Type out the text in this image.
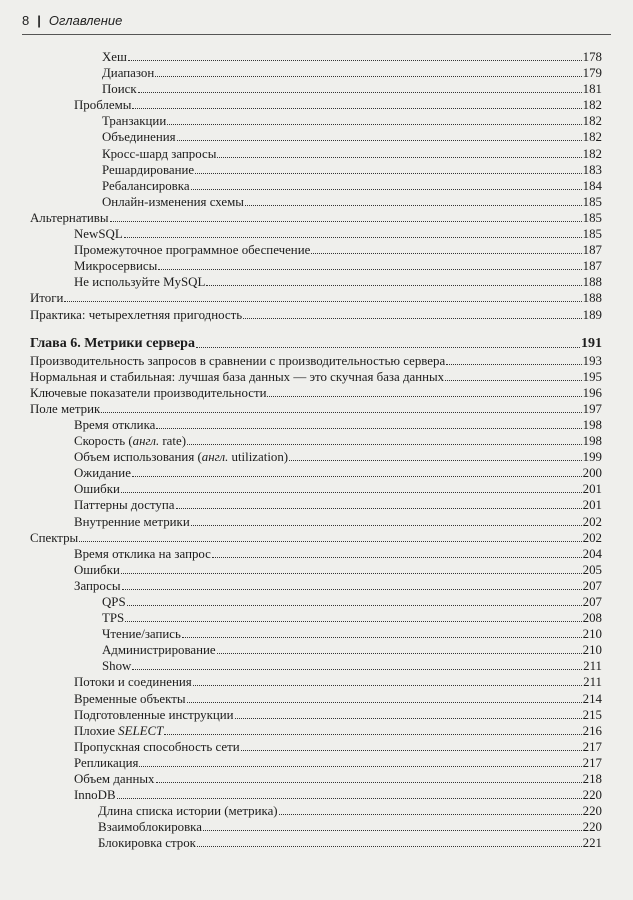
8 | Оглавление
Хеш	178
Диапазон	179
Поиск	181
Проблемы	182
Транзакции	182
Объединения	182
Кросс-шард запросы	182
Решардирование	183
Ребалансировка	184
Онлайн-изменения схемы	185
Альтернативы	185
NewSQL	185
Промежуточное программное обеспечение	187
Микросервисы	187
Не используйте MySQL	188
Итоги	188
Практика: четырехлетняя пригодность	189
Глава 6. Метрики сервера	191
Производительность запросов в сравнении с производительностью сервера	193
Нормальная и стабильная: лучшая база данных — это скучная база данных	195
Ключевые показатели производительности	196
Поле метрик	197
Время отклика	198
Скорость (англ. rate)	198
Объем использования (англ. utilization)	199
Ожидание	200
Ошибки	201
Паттерны доступа	201
Внутренние метрики	202
Спектры	202
Время отклика на запрос	204
Ошибки	205
Запросы	207
QPS	207
TPS	208
Чтение/запись	210
Администрирование	210
Show	211
Потоки и соединения	211
Временные объекты	214
Подготовленные инструкции	215
Плохие SELECT	216
Пропускная способность сети	217
Репликация	217
Объем данных	218
InnoDB	220
Длина списка истории (метрика)	220
Взаимоблокировка	220
Блокировка строк	221
